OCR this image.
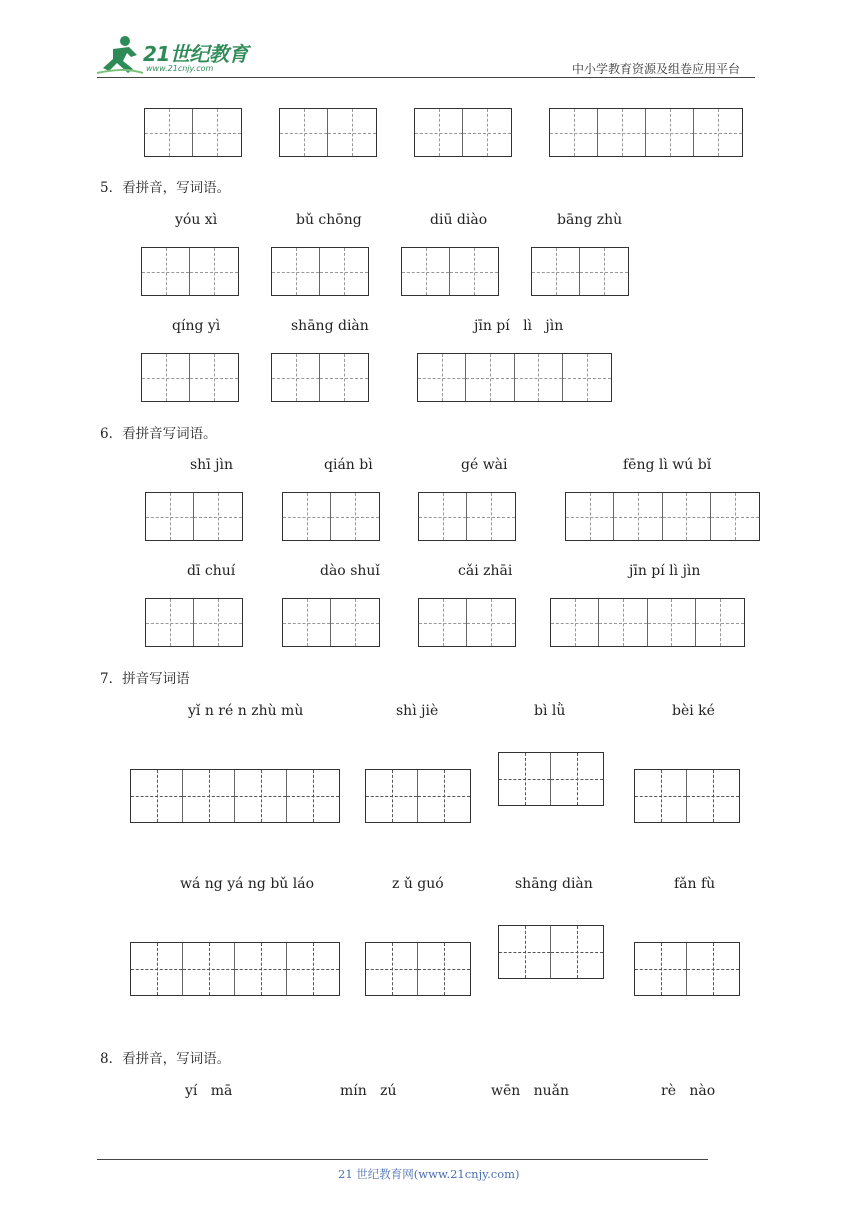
21世纪教育
www.21cnjy.com	中小学教育资源及组卷应用平台
5．看拼音，写词语。
yóu xì	bǔ chōng	diū diào	bāng zhù
qíng yì	shāng diàn	jīn pí   lì   jìn
6．看拼音写词语。
shī jìn	qián bì	gé wài	fēng lì wú bǐ
dī chuí	dào shuǐ	cǎi zhāi	jīn pí lì jìn
7．拼音写词语
yǐ n ré n zhù mù	shì jiè	bì lǜ	bèi ké
wá ng yá ng bǔ láo	z ǔ guó	shāng diàn	fǎn fù
8．看拼音，写词语。
yí   mā	mín   zú	wēn   nuǎn	rè   nào
21 世纪教育网(www.21cnjy.com)
